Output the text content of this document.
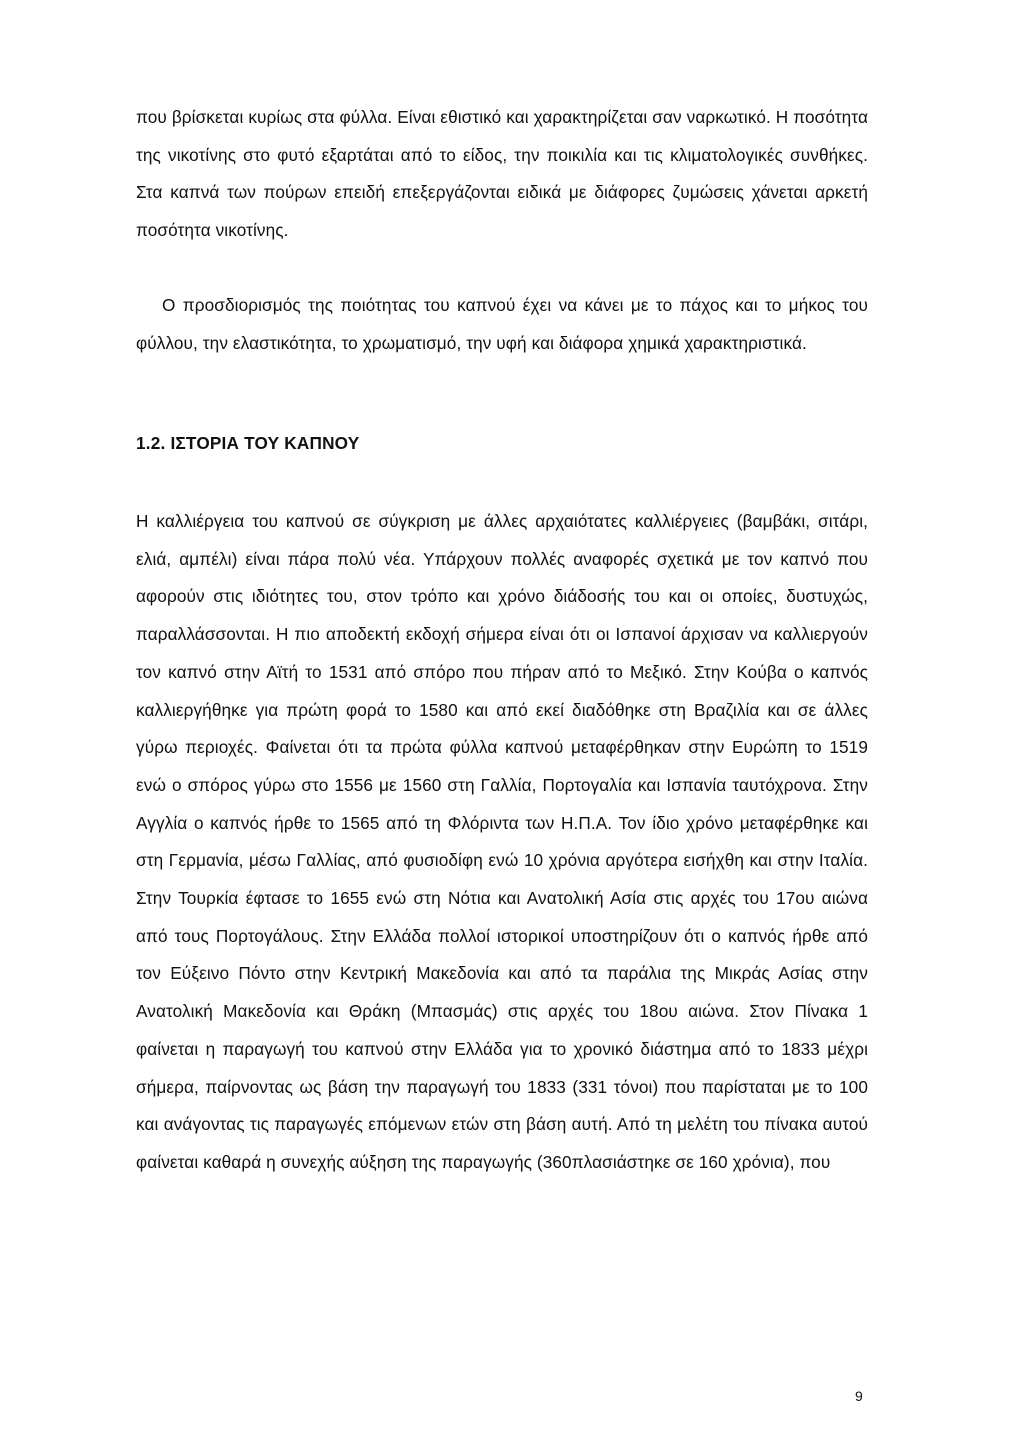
που βρίσκεται κυρίως στα φύλλα. Είναι εθιστικό και χαρακτηρίζεται σαν ναρκωτικό. Η ποσότητα της νικοτίνης στο φυτό εξαρτάται από το είδος, την ποικιλία και τις κλιματολογικές συνθήκες. Στα καπνά των πούρων επειδή επεξεργάζονται ειδικά με διάφορες ζυμώσεις χάνεται αρκετή ποσότητα νικοτίνης.

Ο προσδιορισμός της ποιότητας του καπνού έχει να κάνει με το πάχος και το μήκος του φύλλου, την ελαστικότητα, το χρωματισμό, την υφή και διάφορα χημικά χαρακτηριστικά.

1.2. ΙΣΤΟΡΙΑ ΤΟΥ ΚΑΠΝΟΥ

Η καλλιέργεια του καπνού σε σύγκριση με άλλες αρχαιότατες καλλιέργειες (βαμβάκι, σιτάρι, ελιά, αμπέλι) είναι πάρα πολύ νέα. Υπάρχουν πολλές αναφορές σχετικά με τον καπνό που αφορούν στις ιδιότητες του, στον τρόπο και χρόνο διάδοσής του και οι οποίες, δυστυχώς, παραλλάσσονται. Η πιο αποδεκτή εκδοχή σήμερα είναι ότι οι Ισπανοί άρχισαν να καλλιεργούν τον καπνό στην Αϊτή το 1531 από σπόρο που πήραν από το Μεξικό. Στην Κούβα ο καπνός καλλιεργήθηκε για πρώτη φορά το 1580 και από εκεί διαδόθηκε στη Βραζιλία και σε άλλες γύρω περιοχές. Φαίνεται ότι τα πρώτα φύλλα καπνού μεταφέρθηκαν στην Ευρώπη το 1519 ενώ ο σπόρος γύρω στο 1556 με 1560 στη Γαλλία, Πορτογαλία και Ισπανία ταυτόχρονα. Στην Αγγλία ο καπνός ήρθε το 1565 από τη Φλόριντα των Η.Π.Α. Τον ίδιο χρόνο μεταφέρθηκε και στη Γερμανία, μέσω Γαλλίας, από φυσιοδίφη ενώ 10 χρόνια αργότερα εισήχθη και στην Ιταλία. Στην Τουρκία έφτασε το 1655 ενώ στη Νότια και Ανατολική Ασία στις αρχές του 17ου αιώνα από τους Πορτογάλους. Στην Ελλάδα πολλοί ιστορικοί υποστηρίζουν ότι ο καπνός ήρθε από τον Εύξεινο Πόντο στην Κεντρική Μακεδονία και από τα παράλια της Μικράς Ασίας στην Ανατολική Μακεδονία και Θράκη (Μπασμάς) στις αρχές του 18ου αιώνα. Στον Πίνακα 1 φαίνεται η παραγωγή του καπνού στην Ελλάδα για το χρονικό διάστημα από το 1833 μέχρι σήμερα, παίρνοντας ως βάση την παραγωγή του 1833 (331 τόνοι) που παρίσταται με το 100 και ανάγοντας τις παραγωγές επόμενων ετών στη βάση αυτή. Από τη μελέτη του πίνακα αυτού φαίνεται καθαρά η συνεχής αύξηση της παραγωγής (360πλασιάστηκε σε 160 χρόνια), που

9
